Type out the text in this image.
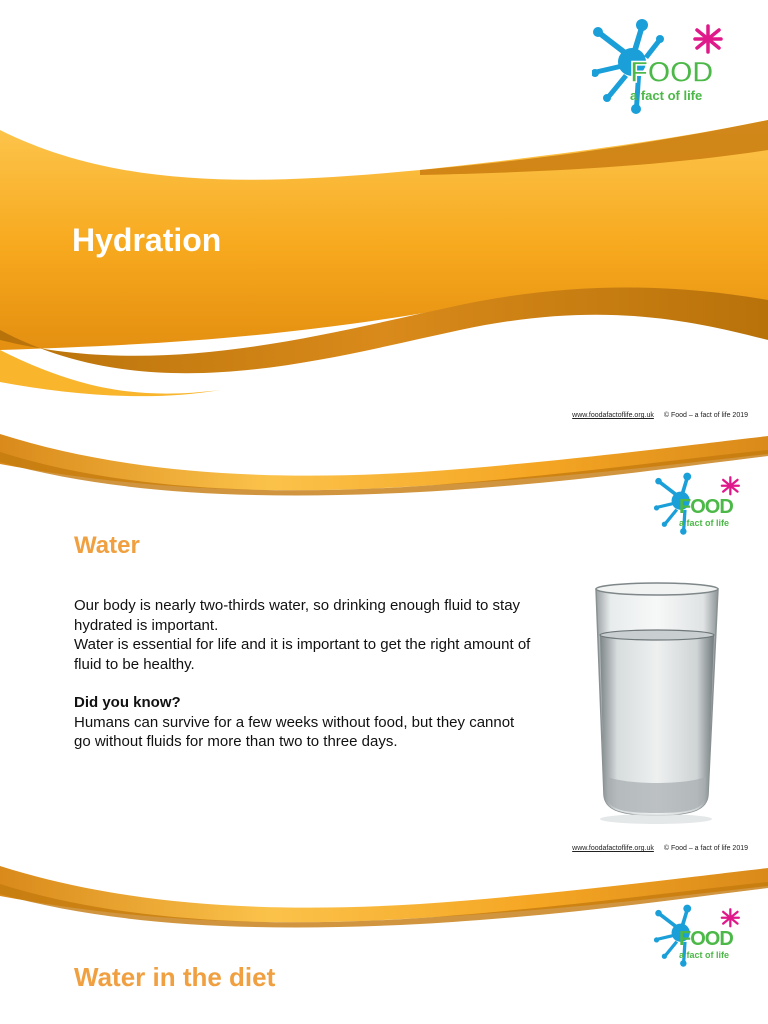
Hydration
FOOD
a fact of life
www.foodafactoflife.org.uk © Food – a fact of life 2019
FOOD
a fact of life
Water

Our body is nearly two-thirds water, so drinking enough fluid to stay hydrated is important.

Water is essential for life and it is important to get the right amount of fluid to be healthy.

Did you know?

Humans can survive for a few weeks without food, but they cannot go without fluids for more than two to three days.

www.foodafactoflife.org.uk © Food – a fact of life 2019
FOOD
a fact of life
Water in the diet
